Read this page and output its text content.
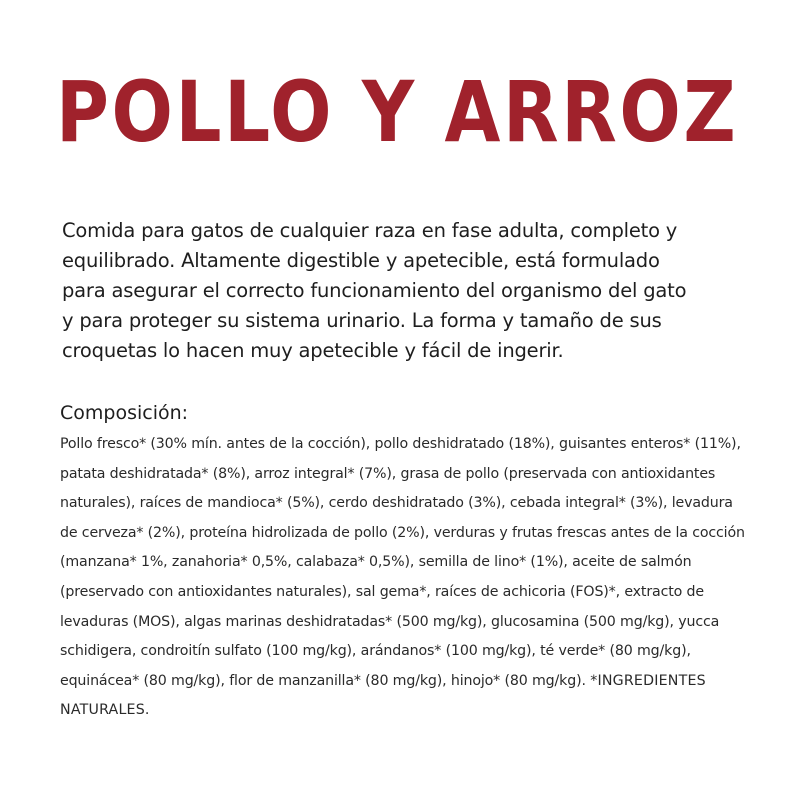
POLLO Y ARROZ

Comida para gatos de cualquier raza en fase adulta, completo y equilibrado. Altamente digestible y apetecible, está formulado para asegurar el correcto funcionamiento del organismo del gato y para proteger su sistema urinario. La forma y tamaño de sus croquetas lo hacen muy apetecible y fácil de ingerir.

Composición:

Pollo fresco* (30% mín. antes de la cocción), pollo deshidratado (18%), guisantes enteros* (11%), patata deshidratada* (8%), arroz integral* (7%), grasa de pollo (preservada con antioxidantes naturales), raíces de mandioca* (5%), cerdo deshidratado (3%), cebada integral* (3%), levadura de cerveza* (2%), proteína hidrolizada de pollo (2%), verduras y frutas frescas antes de la cocción (manzana* 1%, zanahoria* 0,5%, calabaza* 0,5%), semilla de lino* (1%), aceite de salmón (preservado con antioxidantes naturales), sal gema*, raíces de achicoria (FOS)*, extracto de levaduras (MOS), algas marinas deshidratadas* (500 mg/kg), glucosamina (500 mg/kg), yucca schidigera, condroitín sulfato (100 mg/kg), arándanos* (100 mg/kg), té verde* (80 mg/kg), equinácea* (80 mg/kg), flor de manzanilla* (80 mg/kg), hinojo* (80 mg/kg). *INGREDIENTES NATURALES.
